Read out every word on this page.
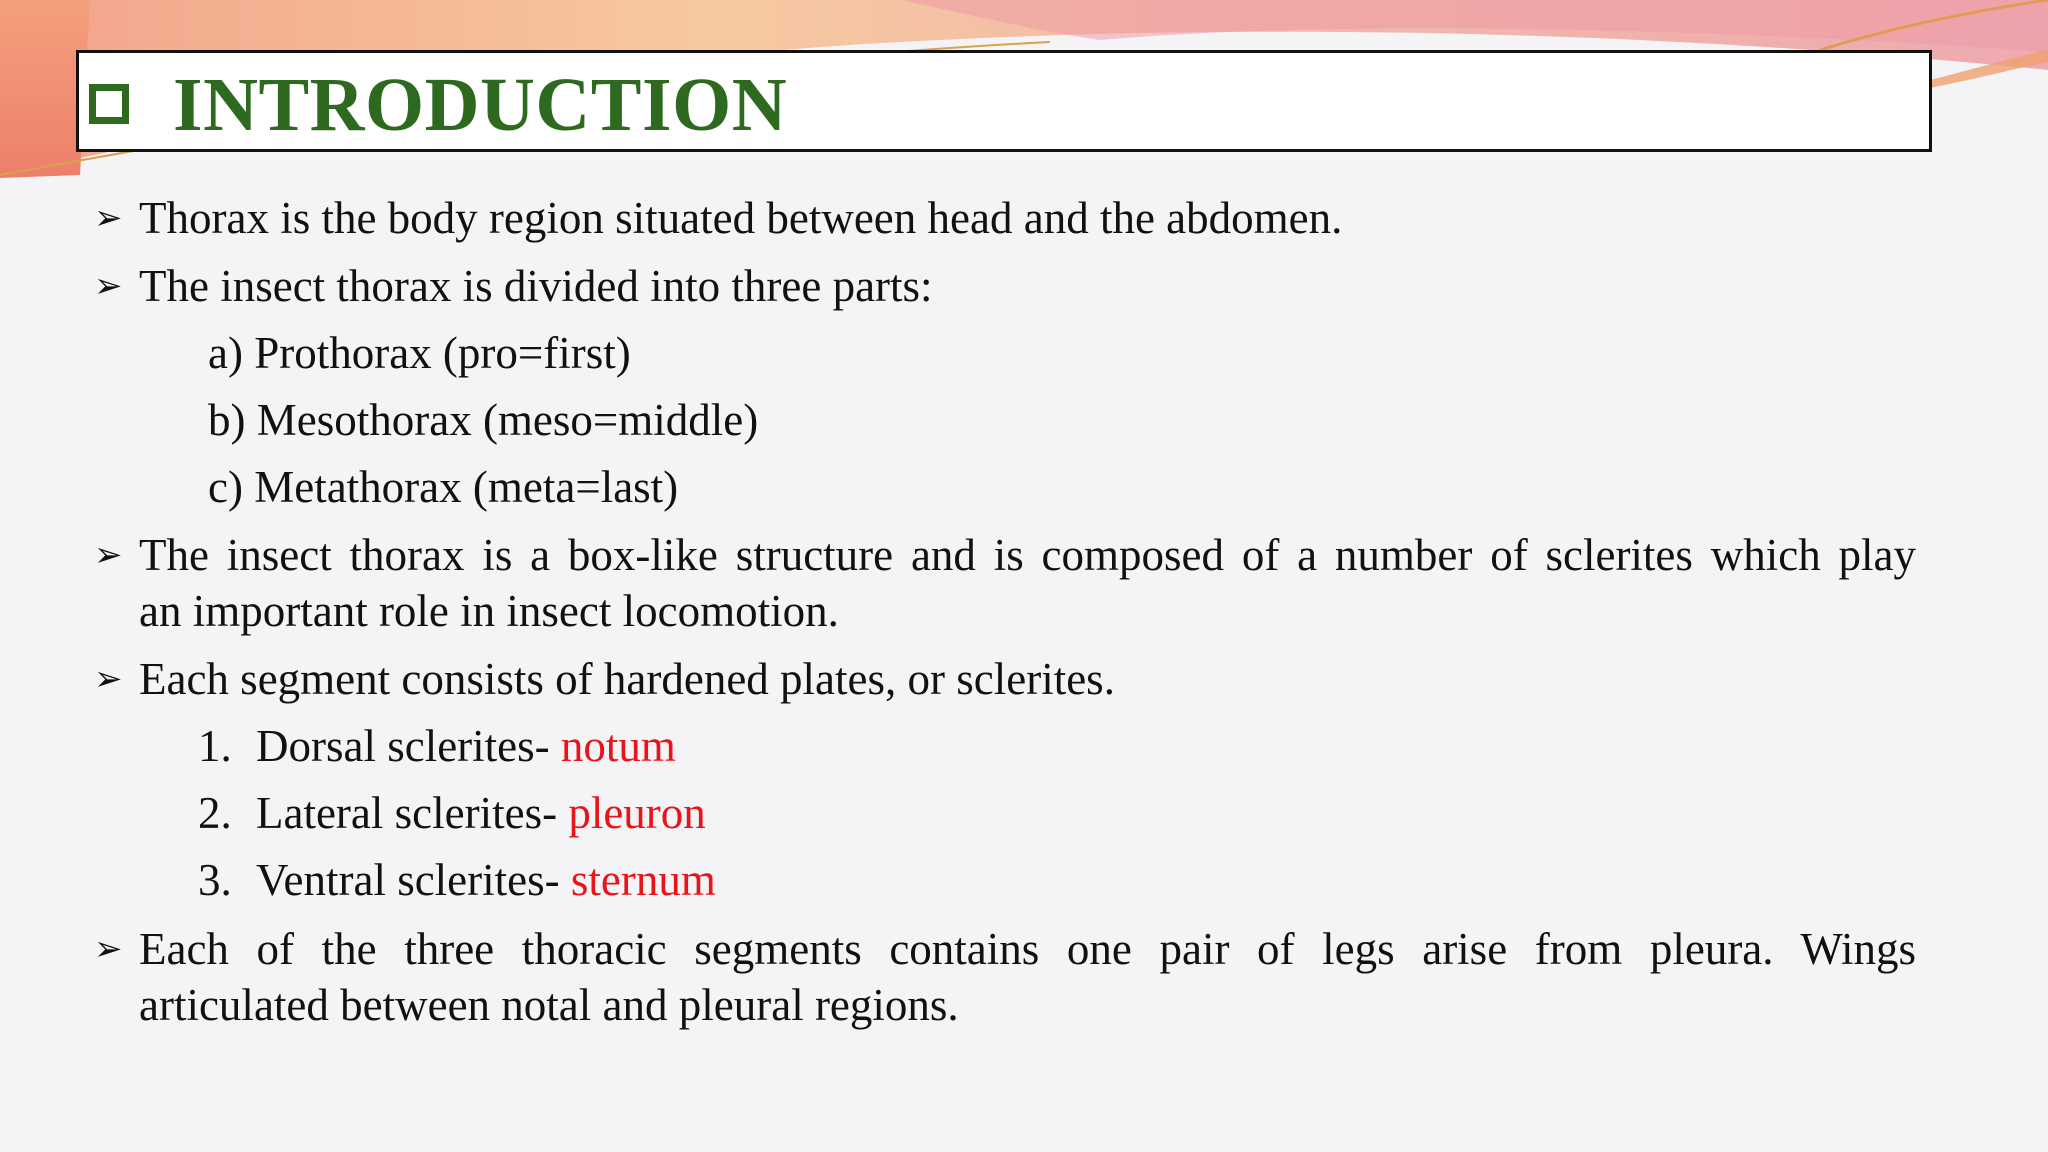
INTRODUCTION
➢ Thorax is the body region situated between head and the abdomen.
➢ The insect thorax is divided into three parts:
a) Prothorax (pro=first)
b) Mesothorax (meso=middle)
c) Metathorax (meta=last)
➢ The insect thorax is a box-like structure and is composed of a number of sclerites which play
an important role in insect locomotion.
➢ Each segment consists of hardened plates, or sclerites.
1. Dorsal sclerites- notum
2. Lateral sclerites- pleuron
3. Ventral sclerites- sternum
➢ Each of the three thoracic segments contains one pair of legs arise from pleura. Wings
articulated between notal and pleural regions.
